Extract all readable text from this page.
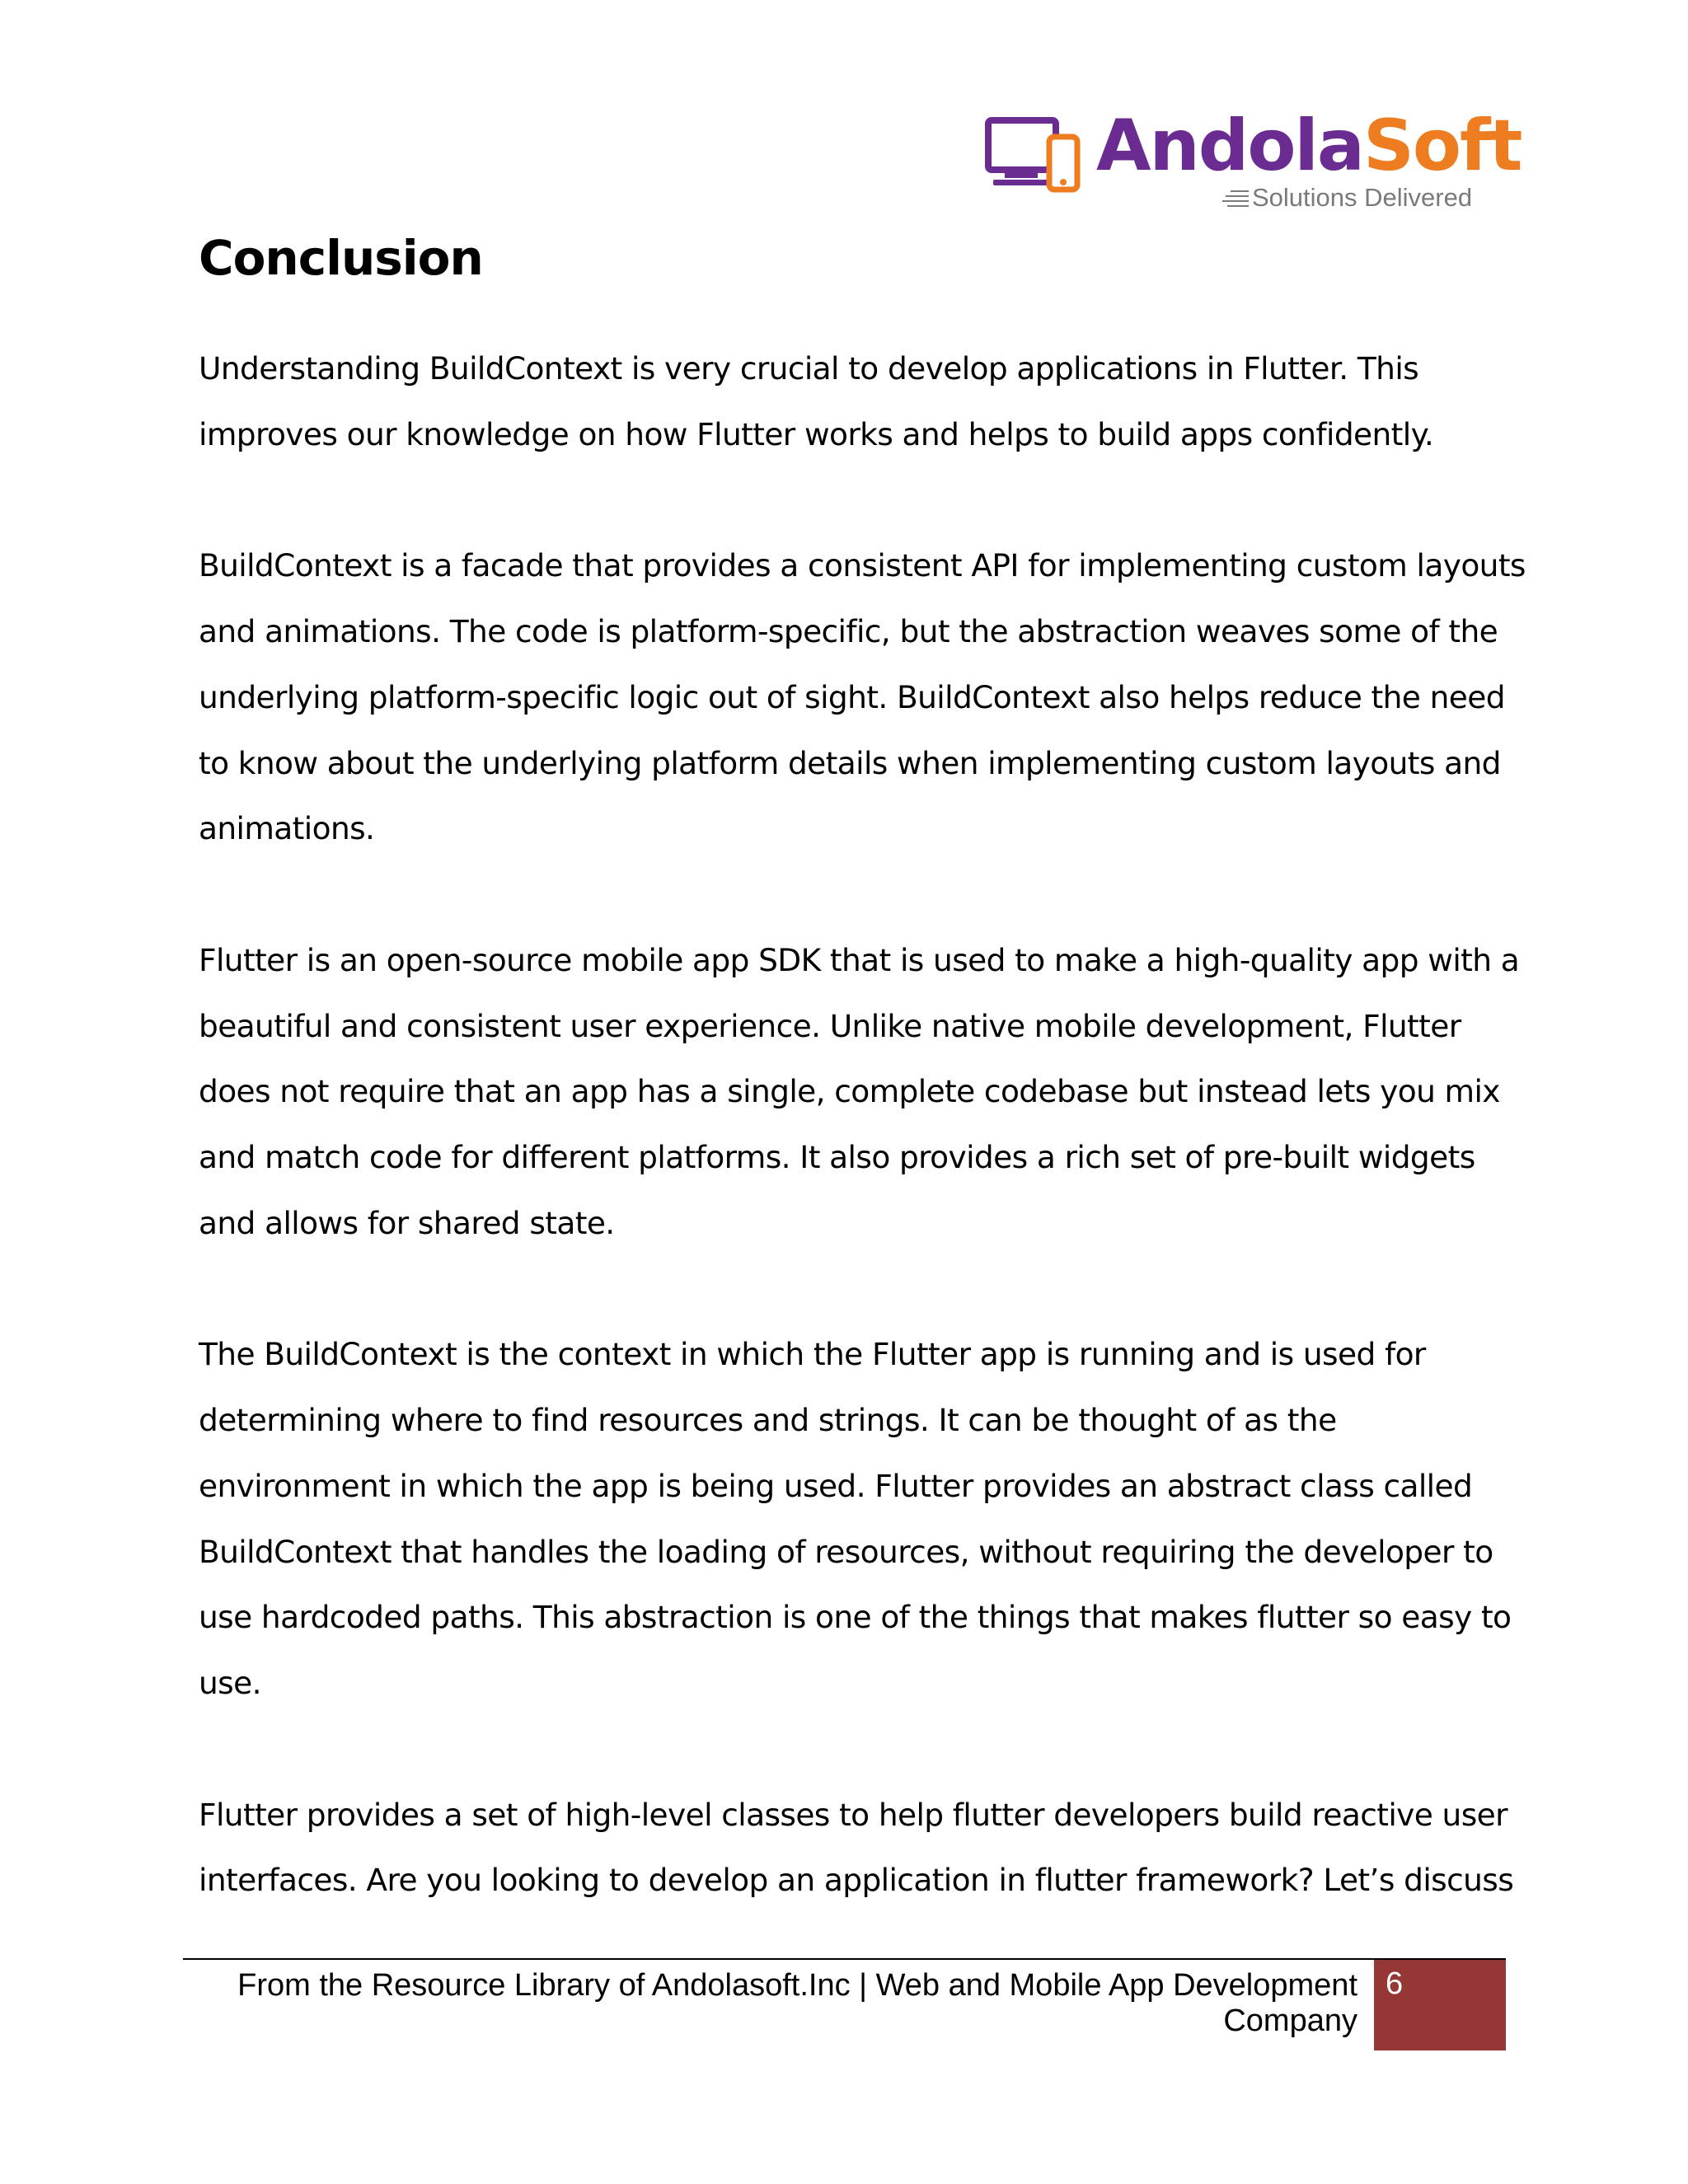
AndolaSoft
Solutions Delivered
Conclusion

Understanding BuildContext is very crucial to develop applications in Flutter. This
improves our knowledge on how Flutter works and helps to build apps confidently.

BuildContext is a facade that provides a consistent API for implementing custom layouts
and animations. The code is platform-specific, but the abstraction weaves some of the
underlying platform-specific logic out of sight. BuildContext also helps reduce the need
to know about the underlying platform details when implementing custom layouts and
animations.

Flutter is an open-source mobile app SDK that is used to make a high-quality app with a
beautiful and consistent user experience. Unlike native mobile development, Flutter
does not require that an app has a single, complete codebase but instead lets you mix
and match code for different platforms. It also provides a rich set of pre-built widgets
and allows for shared state.

The BuildContext is the context in which the Flutter app is running and is used for
determining where to find resources and strings. It can be thought of as the
environment in which the app is being used. Flutter provides an abstract class called
BuildContext that handles the loading of resources, without requiring the developer to
use hardcoded paths. This abstraction is one of the things that makes flutter so easy to
use.

Flutter provides a set of high-level classes to help flutter developers build reactive user
interfaces. Are you looking to develop an application in flutter framework? Let’s discuss

From the Resource Library of Andolasoft.Inc | Web and Mobile App Development
Company
6
